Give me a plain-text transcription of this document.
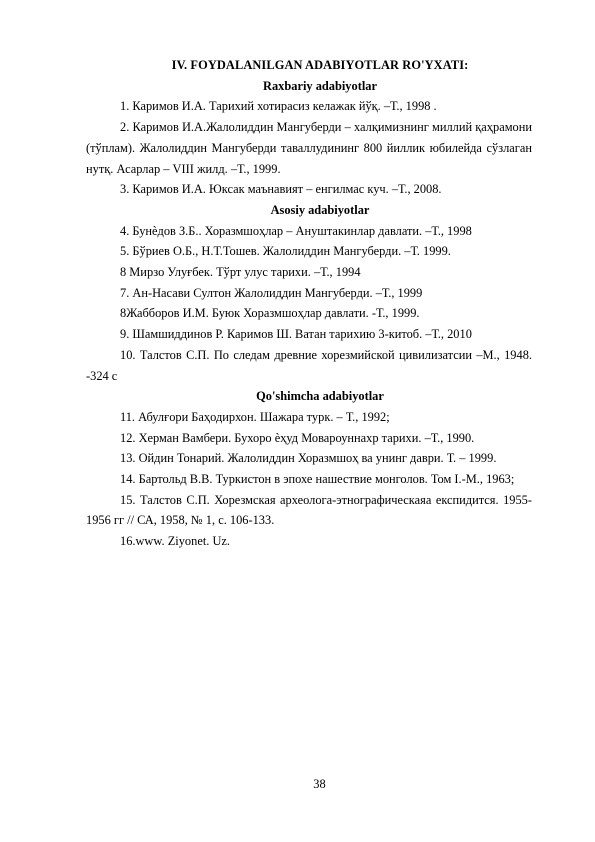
IV. FOYDALANILGAN ADABIYOTLAR RO'YXATI:
Raxbariy adabiyotlar
1. Каримов И.А. Тарихий хотирасиз келажак йўқ. –Т., 1998 .
2. Каримов И.А.Жалолиддин Мангуберди – халқимизнинг миллий қаҳрамони (тўплам). Жалолиддин Мангуберди таваллудининг 800 йиллик юбилейда сўзлаган нутқ. Асарлар – VIII жилд. –Т., 1999.
3. Каримов И.А. Юксак маънавият – енгилмас куч. –Т., 2008.
Asosiy adabiyotlar
4. Бунѐдов З.Б.. Хоразмшоҳлар – Ануштакинлар давлати. –Т., 1998
5. Бўриев О.Б., Н.Т.Тошев. Жалолиддин Мангуберди. –Т. 1999.
8 Мирзо Улуғбек. Тўрт улус тарихи. –Т., 1994
7. Ан-Насави Султон Жалолиддин Мангуберди. –Т., 1999
8Жабборов И.М. Буюк Хоразмшоҳлар давлати. -Т., 1999.
9. Шамшиддинов Р. Каримов Ш. Ватан тарихию 3-китоб. –Т., 2010
10. Талстов С.П. По следам древние хорезмийской цивилизатсии –М., 1948.    -324 с
Qo'shimcha adabiyotlar
11. Абулғори Баҳодирхон. Шажара турк. – Т., 1992;
12. Херман Вамбери. Бухоро ѐҳуд Мовароуннахр тарихи. –Т., 1990.
13. Ойдин Тонарий. Жалолиддин Хоразмшоҳ ва унинг даври. Т. – 1999.
14. Бартольд В.В. Туркистон в эпохе нашествие монголов. Том I.-М., 1963;
15. Талстов С.П. Хорезмская археолога-этнографическаяа експидится. 1955-1956 гг // СА, 1958, № 1, с. 106-133.
16.www. Ziyonet. Uz.
38
